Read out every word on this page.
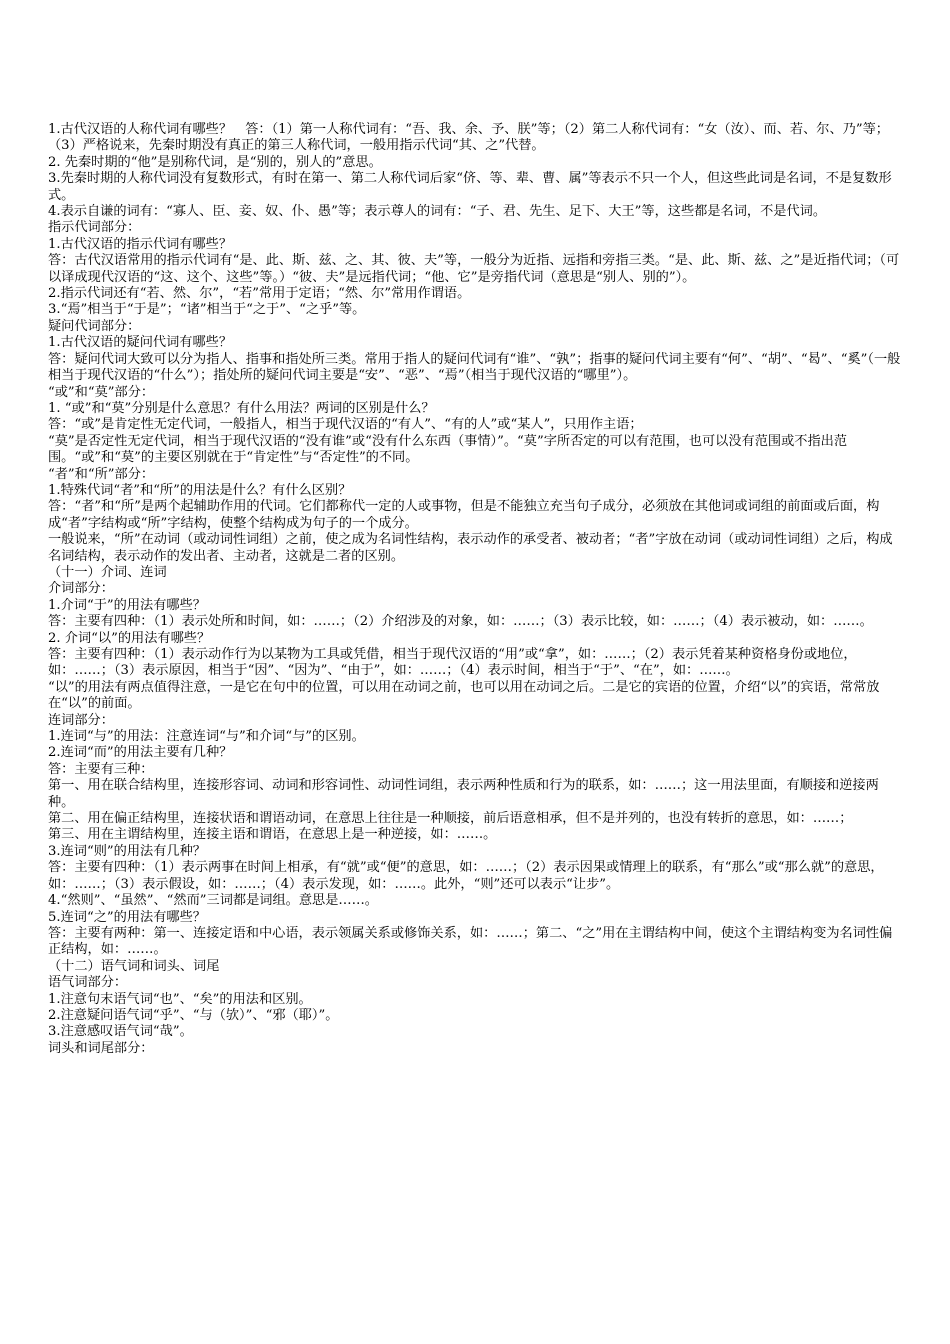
1.古代汉语的人称代词有哪些？　答：（1）第一人称代词有：“吾、我、余、予、朕”等；（2）第二人称代词有：“女（汝）、而、若、尔、乃”等；（3）严格说来，先秦时期没有真正的第三人称代词，一般用指示代词“其、之”代替。
2. 先秦时期的“他”是别称代词，是“别的，别人的”意思。
3.先秦时期的人称代词没有复数形式，有时在第一、第二人称代词后家“侪、等、辈、曹、属”等表示不只一个人，但这些此词是名词，不是复数形式。
4.表示自谦的词有：“寡人、臣、妾、奴、仆、愚”等；表示尊人的词有：“子、君、先生、足下、大王”等，这些都是名词，不是代词。
指示代词部分：
1.古代汉语的指示代词有哪些？
答：古代汉语常用的指示代词有“是、此、斯、兹、之、其、彼、夫”等，一般分为近指、远指和旁指三类。“是、此、斯、兹、之”是近指代词；（可以译成现代汉语的“这、这个、这些”等。）“彼、夫”是远指代词；“他、它”是旁指代词（意思是“别人、别的”）。
2.指示代词还有“若、然、尔”，“若”常用于定语；“然、尔”常用作谓语。
3.“焉”相当于“于是”；“诸”相当于“之于”、“之乎”等。
疑问代词部分：
1.古代汉语的疑问代词有哪些？
答：疑问代词大致可以分为指人、指事和指处所三类。常用于指人的疑问代词有“谁”、“孰”；指事的疑问代词主要有“何”、“胡”、“曷”、“奚”（一般相当于现代汉语的“什么”）；指处所的疑问代词主要是“安”、“恶”、“焉”（相当于现代汉语的“哪里”）。
“或”和“莫”部分：
1. “或”和“莫”分别是什么意思？有什么用法？两词的区别是什么？
答：“或”是肯定性无定代词，一般指人，相当于现代汉语的“有人”、“有的人”或“某人”，只用作主语；
“莫”是否定性无定代词，相当于现代汉语的“没有谁”或“没有什么东西（事情）”。“莫”字所否定的可以有范围，也可以没有范围或不指出范围。“或”和“莫”的主要区别就在于“肯定性”与“否定性”的不同。
“者”和“所”部分：
1.特殊代词“者”和“所”的用法是什么？有什么区别？
答：“者”和“所”是两个起辅助作用的代词。它们都称代一定的人或事物，但是不能独立充当句子成分，必须放在其他词或词组的前面或后面，构成“者”字结构或“所”字结构，使整个结构成为句子的一个成分。
一般说来，“所”在动词（或动词性词组）之前，使之成为名词性结构，表示动作的承受者、被动者；“者”字放在动词（或动词性词组）之后，构成名词结构，表示动作的发出者、主动者，这就是二者的区别。
（十一）介词、连词
介词部分：
1.介词“于”的用法有哪些？
答：主要有四种：（1）表示处所和时间，如：……；（2）介绍涉及的对象，如：……；（3）表示比较，如：……；（4）表示被动，如：……。
2. 介词“以”的用法有哪些？
答：主要有四种：（1）表示动作行为以某物为工具或凭借，相当于现代汉语的“用”或“拿”，如：……；（2）表示凭着某种资格身份或地位，如：……；（3）表示原因，相当于“因”、“因为”、“由于”，如：……；（4）表示时间，相当于“于”、“在”，如：……。
“以”的用法有两点值得注意，一是它在句中的位置，可以用在动词之前，也可以用在动词之后。二是它的宾语的位置，介绍“以”的宾语，常常放在“以”的前面。
连词部分：
1.连词“与”的用法：注意连词“与”和介词“与”的区别。
2.连词“而”的用法主要有几种？
答：主要有三种：
第一、用在联合结构里，连接形容词、动词和形容词性、动词性词组，表示两种性质和行为的联系，如：……；这一用法里面，有顺接和逆接两种。
第二、用在偏正结构里，连接状语和谓语动词，在意思上往往是一种顺接，前后语意相承，但不是并列的，也没有转折的意思，如：……；
第三、用在主谓结构里，连接主语和谓语，在意思上是一种逆接，如：……。
3.连词“则”的用法有几种？
答：主要有四种：（1）表示两事在时间上相承，有“就”或“便”的意思，如：……；（2）表示因果或情理上的联系，有“那么”或“那么就”的意思，如：……；（3）表示假设，如：……；（4）表示发现，如：……。此外，“则”还可以表示“让步”。
4.“然则”、“虽然”、“然而”三词都是词组。意思是……。
5.连词“之”的用法有哪些？
答：主要有两种：第一、连接定语和中心语，表示领属关系或修饰关系，如：……；第二、“之”用在主谓结构中间，使这个主谓结构变为名词性偏正结构，如：……。
（十二）语气词和词头、词尾
语气词部分：
1.注意句末语气词“也”、“矣”的用法和区别。
2.注意疑问语气词“乎”、“与（欤）”、“邪（耶）”。
3.注意感叹语气词“哉”。
词头和词尾部分：
